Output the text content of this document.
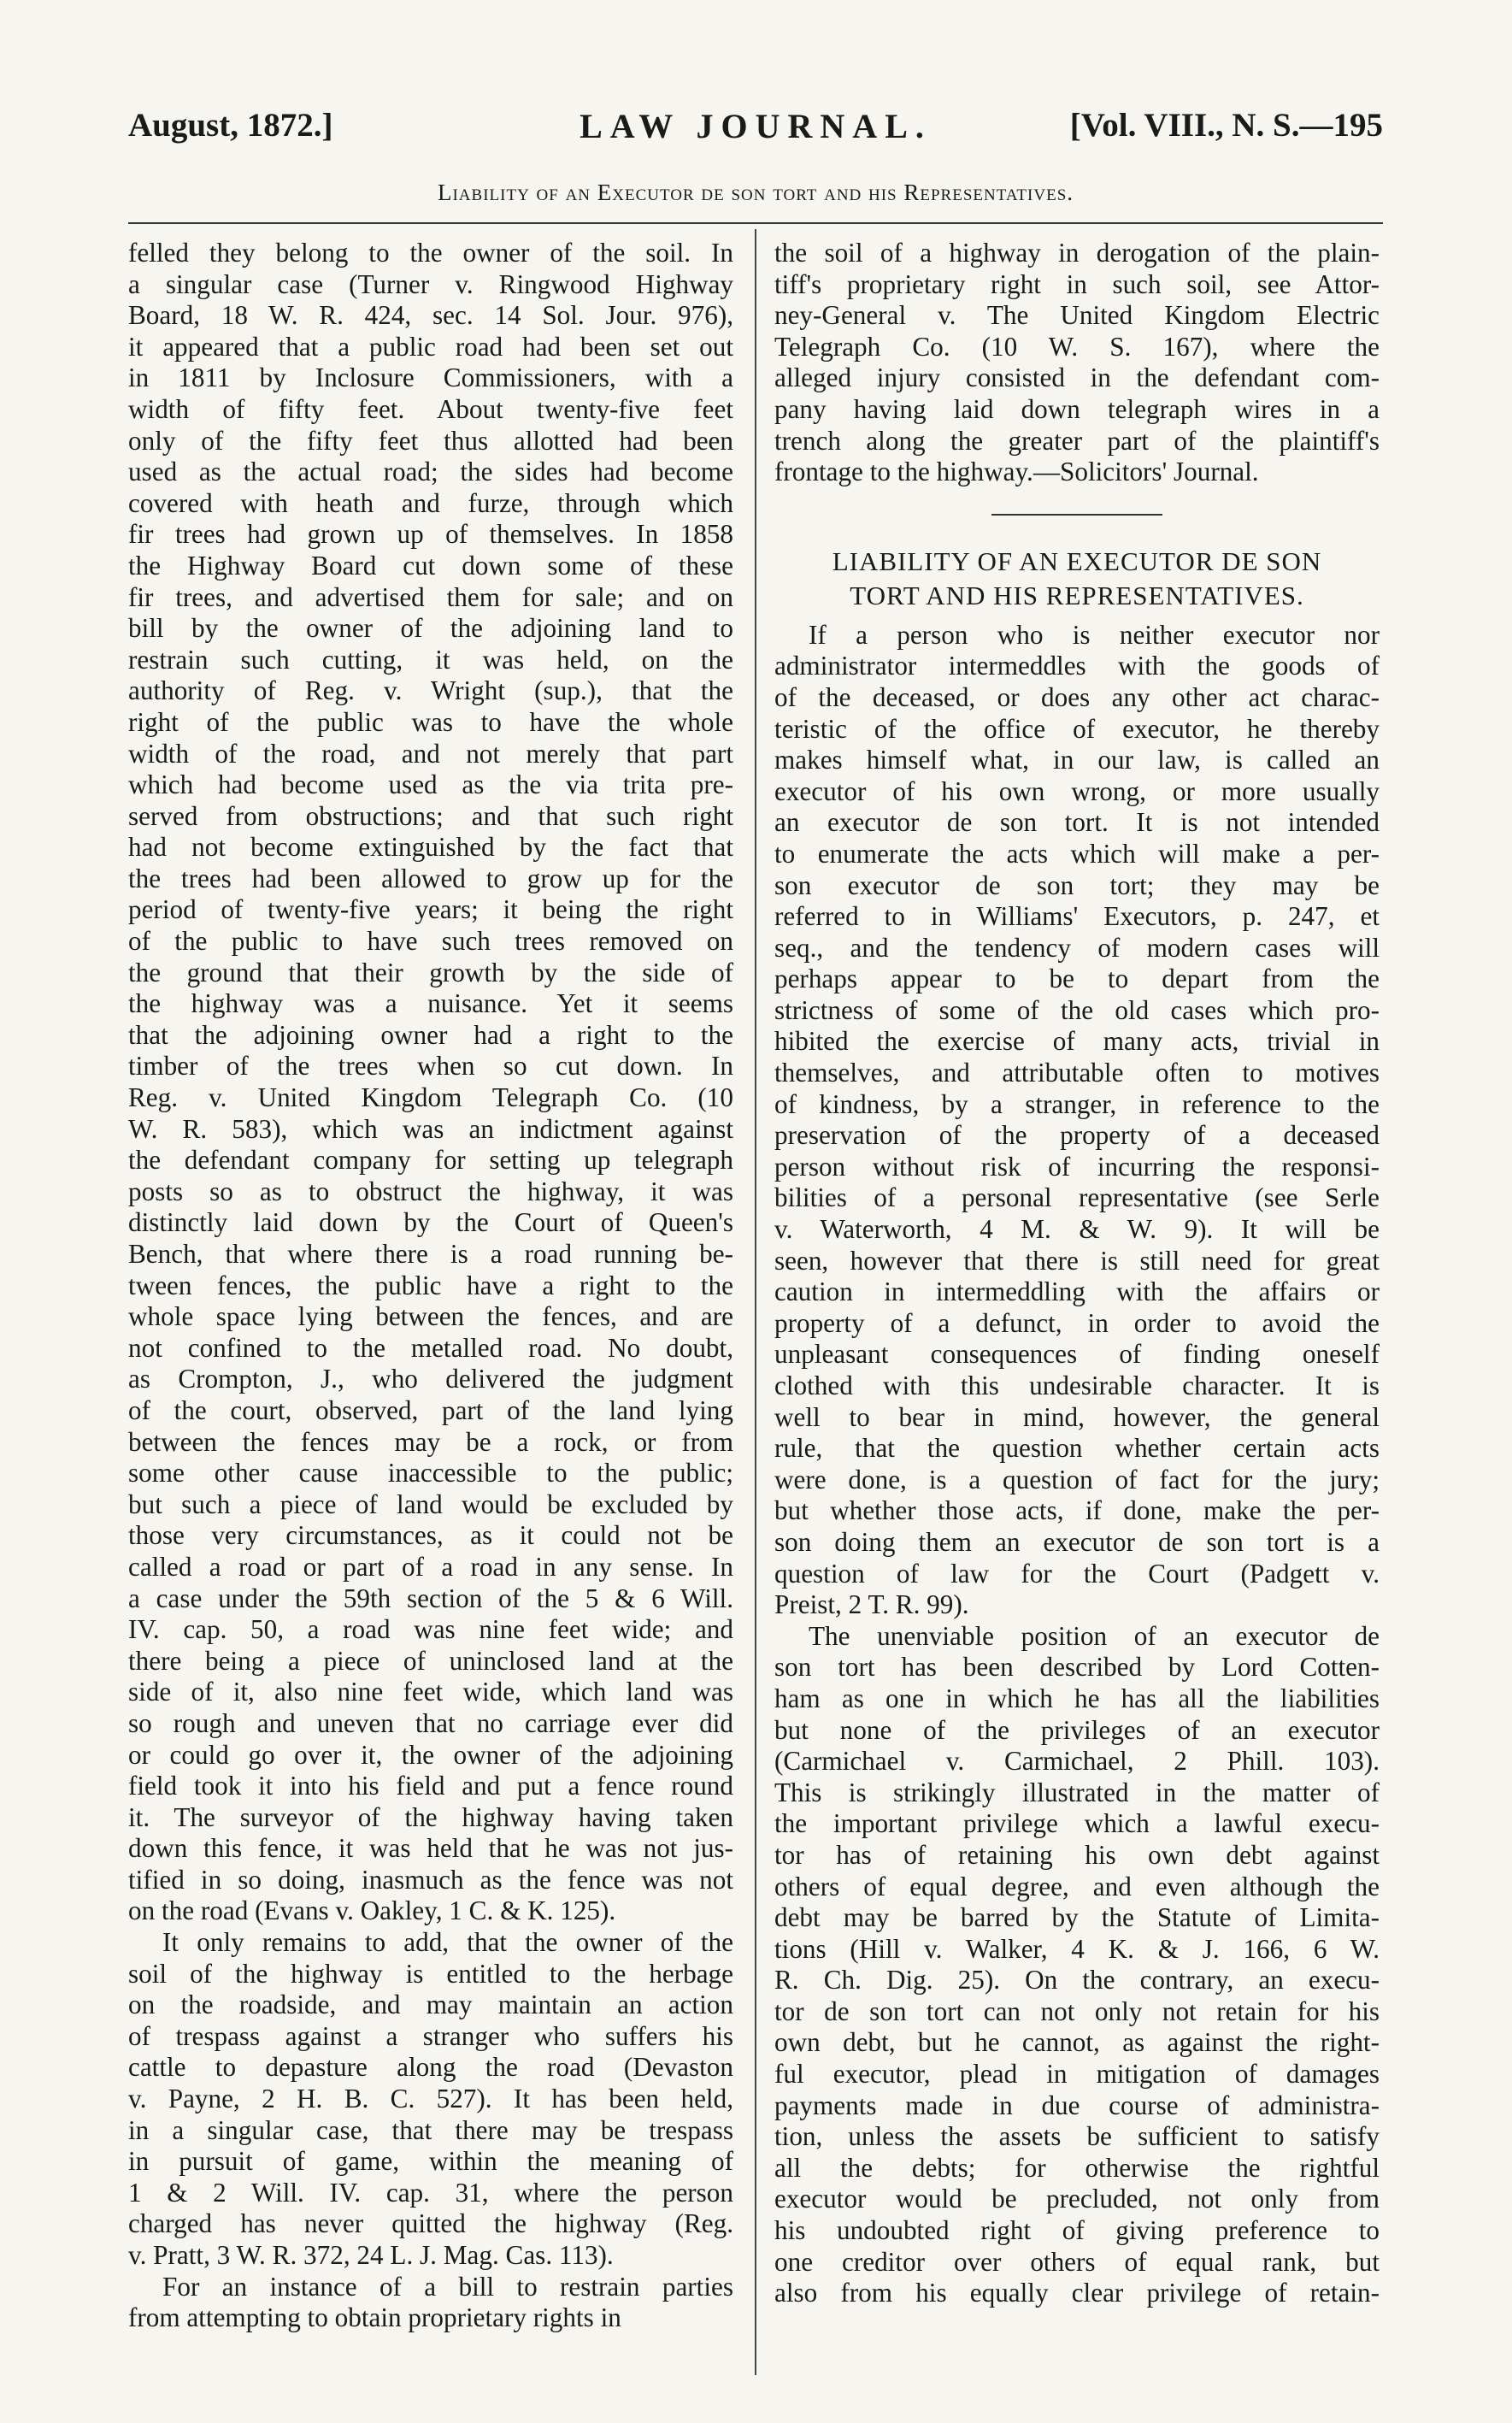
August, 1872.]	LAW JOURNAL.	[Vol. VIII., N. S.—195
Liability of an Executor de son tort and his Representatives.
felled they belong to the owner of the soil. In
a singular case (Turner v. Ringwood Highway
Board, 18 W. R. 424, sec. 14 Sol. Jour. 976),
it appeared that a public road had been set out
in 1811 by Inclosure Commissioners, with a
width of fifty feet. About twenty-five feet
only of the fifty feet thus allotted had been
used as the actual road; the sides had become
covered with heath and furze, through which
fir trees had grown up of themselves. In 1858
the Highway Board cut down some of these
fir trees, and advertised them for sale; and on
bill by the owner of the adjoining land to
restrain such cutting, it was held, on the
authority of Reg. v. Wright (sup.), that the
right of the public was to have the whole
width of the road, and not merely that part
which had become used as the via trita pre-
served from obstructions; and that such right
had not become extinguished by the fact that
the trees had been allowed to grow up for the
period of twenty-five years; it being the right
of the public to have such trees removed on
the ground that their growth by the side of
the highway was a nuisance. Yet it seems
that the adjoining owner had a right to the
timber of the trees when so cut down. In
Reg. v. United Kingdom Telegraph Co. (10
W. R. 583), which was an indictment against
the defendant company for setting up telegraph
posts so as to obstruct the highway, it was
distinctly laid down by the Court of Queen's
Bench, that where there is a road running be-
tween fences, the public have a right to the
whole space lying between the fences, and are
not confined to the metalled road. No doubt,
as Crompton, J., who delivered the judgment
of the court, observed, part of the land lying
between the fences may be a rock, or from
some other cause inaccessible to the public;
but such a piece of land would be excluded by
those very circumstances, as it could not be
called a road or part of a road in any sense. In
a case under the 59th section of the 5 & 6 Will.
IV. cap. 50, a road was nine feet wide; and
there being a piece of uninclosed land at the
side of it, also nine feet wide, which land was
so rough and uneven that no carriage ever did
or could go over it, the owner of the adjoining
field took it into his field and put a fence round
it. The surveyor of the highway having taken
down this fence, it was held that he was not jus-
tified in so doing, inasmuch as the fence was not
on the road (Evans v. Oakley, 1 C. & K. 125).
It only remains to add, that the owner of the
soil of the highway is entitled to the herbage
on the roadside, and may maintain an action
of trespass against a stranger who suffers his
cattle to depasture along the road (Devaston
v. Payne, 2 H. B. C. 527). It has been held,
in a singular case, that there may be trespass
in pursuit of game, within the meaning of
1 & 2 Will. IV. cap. 31, where the person
charged has never quitted the highway (Reg.
v. Pratt, 3 W. R. 372, 24 L. J. Mag. Cas. 113).
For an instance of a bill to restrain parties
from attempting to obtain proprietary rights in
the soil of a highway in derogation of the plain-
tiff's proprietary right in such soil, see Attor-
ney-General v. The United Kingdom Electric
Telegraph Co. (10 W. S. 167), where the
alleged injury consisted in the defendant com-
pany having laid down telegraph wires in a
trench along the greater part of the plaintiff's
frontage to the highway.—Solicitors' Journal.
LIABILITY OF AN EXECUTOR DE SON
TORT AND HIS REPRESENTATIVES.
If a person who is neither executor nor
administrator intermeddles with the goods of
of the deceased, or does any other act charac-
teristic of the office of executor, he thereby
makes himself what, in our law, is called an
executor of his own wrong, or more usually
an executor de son tort. It is not intended
to enumerate the acts which will make a per-
son executor de son tort; they may be
referred to in Williams' Executors, p. 247, et
seq., and the tendency of modern cases will
perhaps appear to be to depart from the
strictness of some of the old cases which pro-
hibited the exercise of many acts, trivial in
themselves, and attributable often to motives
of kindness, by a stranger, in reference to the
preservation of the property of a deceased
person without risk of incurring the responsi-
bilities of a personal representative (see Serle
v. Waterworth, 4 M. & W. 9). It will be
seen, however that there is still need for great
caution in intermeddling with the affairs or
property of a defunct, in order to avoid the
unpleasant consequences of finding oneself
clothed with this undesirable character. It is
well to bear in mind, however, the general
rule, that the question whether certain acts
were done, is a question of fact for the jury;
but whether those acts, if done, make the per-
son doing them an executor de son tort is a
question of law for the Court (Padgett v.
Preist, 2 T. R. 99).
The unenviable position of an executor de
son tort has been described by Lord Cotten-
ham as one in which he has all the liabilities
but none of the privileges of an executor
(Carmichael v. Carmichael, 2 Phill. 103).
This is strikingly illustrated in the matter of
the important privilege which a lawful execu-
tor has of retaining his own debt against
others of equal degree, and even although the
debt may be barred by the Statute of Limita-
tions (Hill v. Walker, 4 K. & J. 166, 6 W.
R. Ch. Dig. 25). On the contrary, an execu-
tor de son tort can not only not retain for his
own debt, but he cannot, as against the right-
ful executor, plead in mitigation of damages
payments made in due course of administra-
tion, unless the assets be sufficient to satisfy
all the debts; for otherwise the rightful
executor would be precluded, not only from
his undoubted right of giving preference to
one creditor over others of equal rank, but
also from his equally clear privilege of retain-
